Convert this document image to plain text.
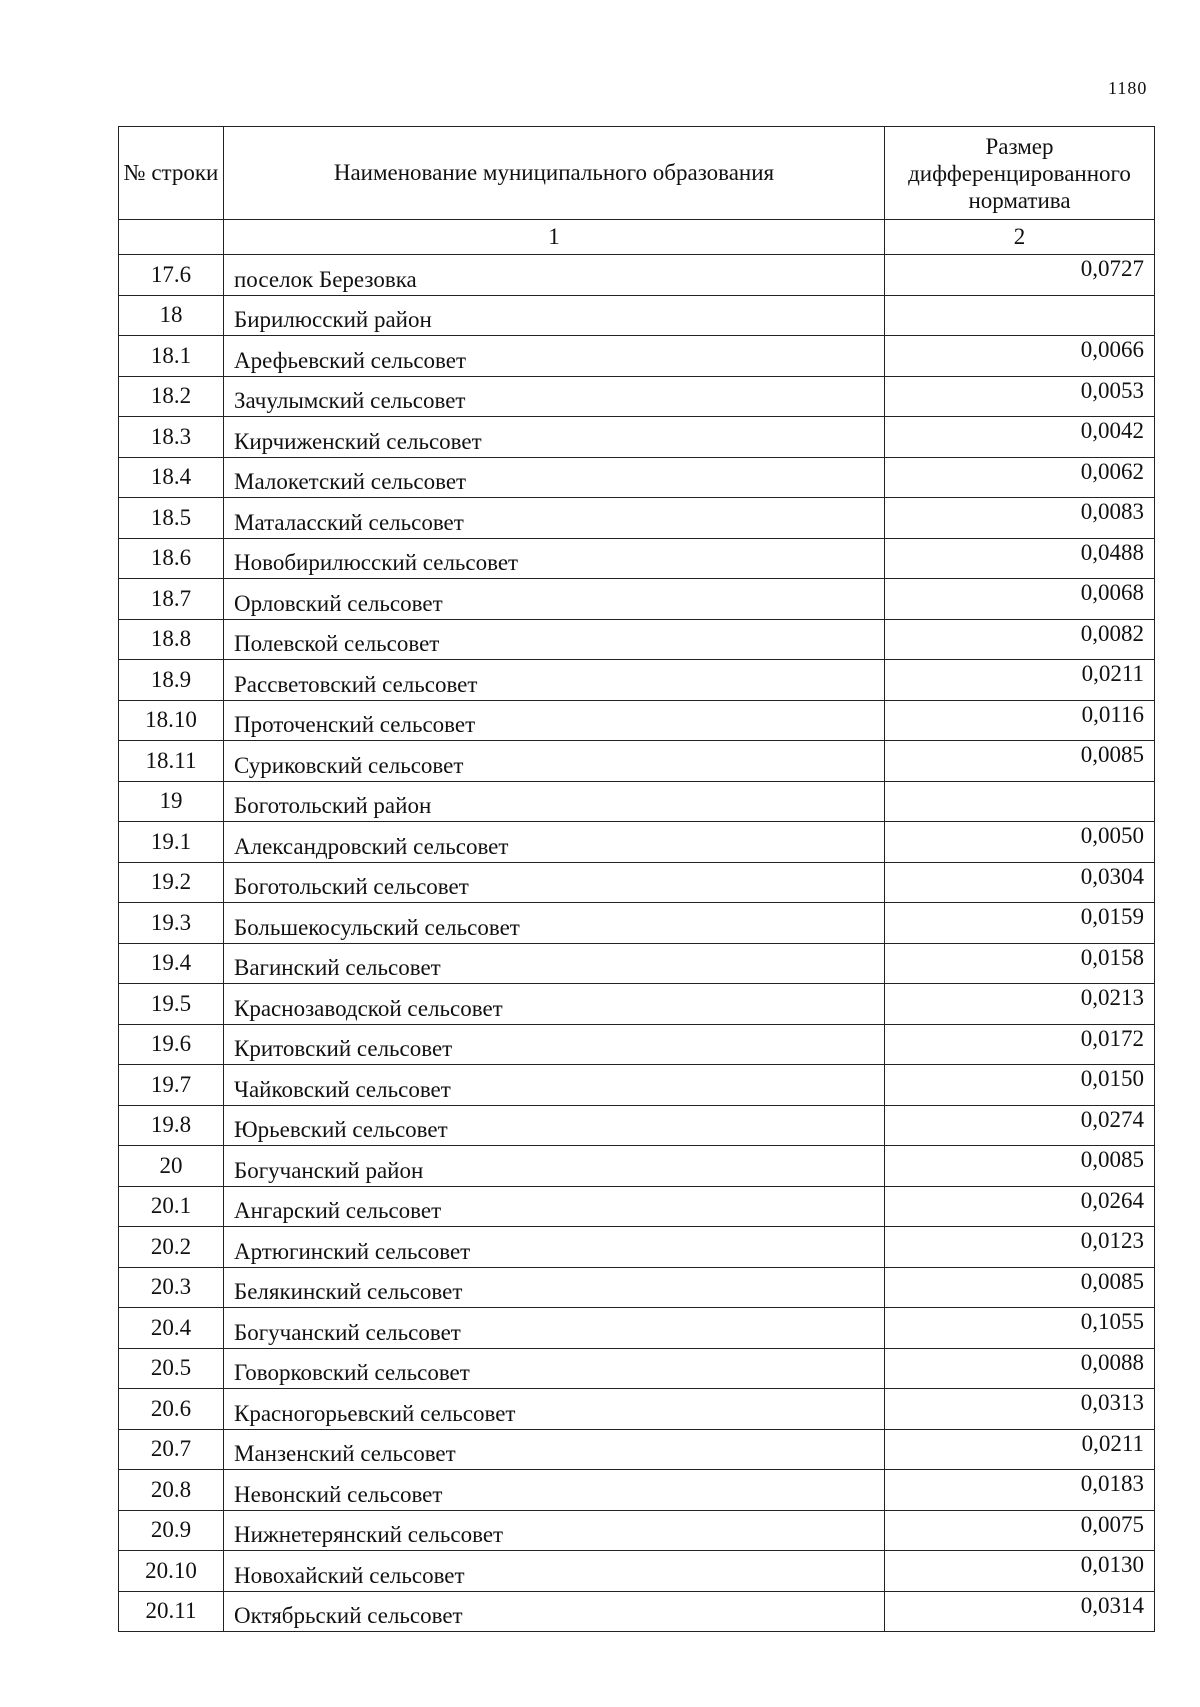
1180
№ строки	Наименование муниципального образования	Размер дифференцированного норматива
	1	2
17.6	поселок Березовка	0,0727
18	Бирилюсский район	
18.1	Арефьевский сельсовет	0,0066
18.2	Зачулымский сельсовет	0,0053
18.3	Кирчиженский сельсовет	0,0042
18.4	Малокетский сельсовет	0,0062
18.5	Маталасский сельсовет	0,0083
18.6	Новобирилюсский сельсовет	0,0488
18.7	Орловский сельсовет	0,0068
18.8	Полевской сельсовет	0,0082
18.9	Рассветовский сельсовет	0,0211
18.10	Проточенский сельсовет	0,0116
18.11	Суриковский сельсовет	0,0085
19	Боготольский район	
19.1	Александровский сельсовет	0,0050
19.2	Боготольский сельсовет	0,0304
19.3	Большекосульский сельсовет	0,0159
19.4	Вагинский сельсовет	0,0158
19.5	Краснозаводской сельсовет	0,0213
19.6	Критовский сельсовет	0,0172
19.7	Чайковский сельсовет	0,0150
19.8	Юрьевский сельсовет	0,0274
20	Богучанский район	0,0085
20.1	Ангарский сельсовет	0,0264
20.2	Артюгинский сельсовет	0,0123
20.3	Белякинский сельсовет	0,0085
20.4	Богучанский сельсовет	0,1055
20.5	Говорковский сельсовет	0,0088
20.6	Красногорьевский сельсовет	0,0313
20.7	Манзенский сельсовет	0,0211
20.8	Невонский сельсовет	0,0183
20.9	Нижнетерянский сельсовет	0,0075
20.10	Новохайский сельсовет	0,0130
20.11	Октябрьский сельсовет	0,0314
